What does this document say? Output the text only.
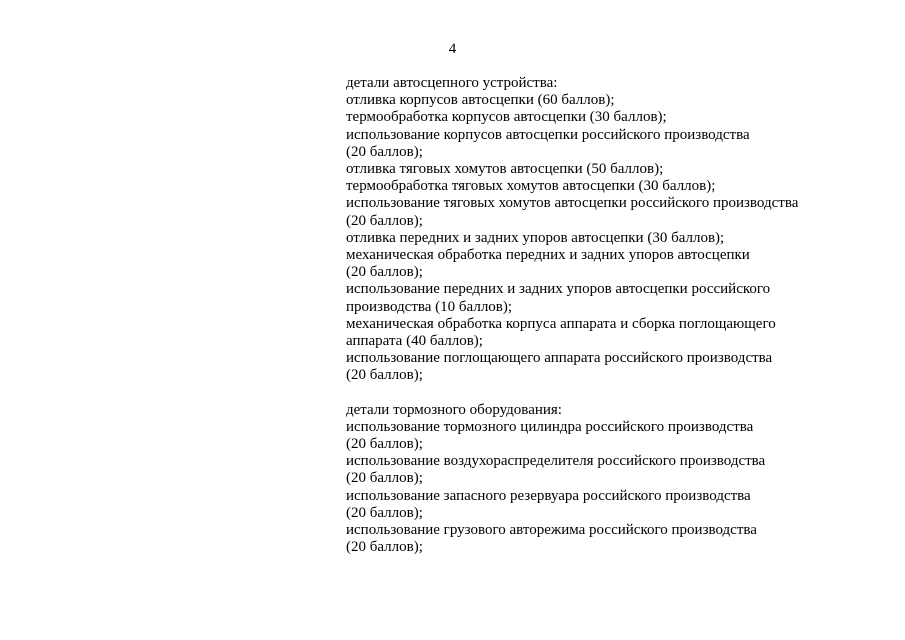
4
детали автосцепного устройства:
отливка корпусов автосцепки (60 баллов);
термообработка корпусов автосцепки (30 баллов);
использование корпусов автосцепки российского производства
(20 баллов);
отливка тяговых хомутов автосцепки (50 баллов);
термообработка тяговых хомутов автосцепки (30 баллов);
использование тяговых хомутов автосцепки российского производства
(20 баллов);
отливка передних и задних упоров автосцепки (30 баллов);
механическая обработка передних и задних упоров автосцепки
(20 баллов);
использование передних и задних упоров автосцепки российского
производства (10 баллов);
механическая обработка корпуса аппарата и сборка поглощающего
аппарата (40 баллов);
использование поглощающего аппарата российского производства
(20 баллов);
детали тормозного оборудования:
использование тормозного цилиндра российского производства
(20 баллов);
использование воздухораспределителя российского производства
(20 баллов);
использование запасного резервуара российского производства
(20 баллов);
использование грузового авторежима российского производства
(20 баллов);
